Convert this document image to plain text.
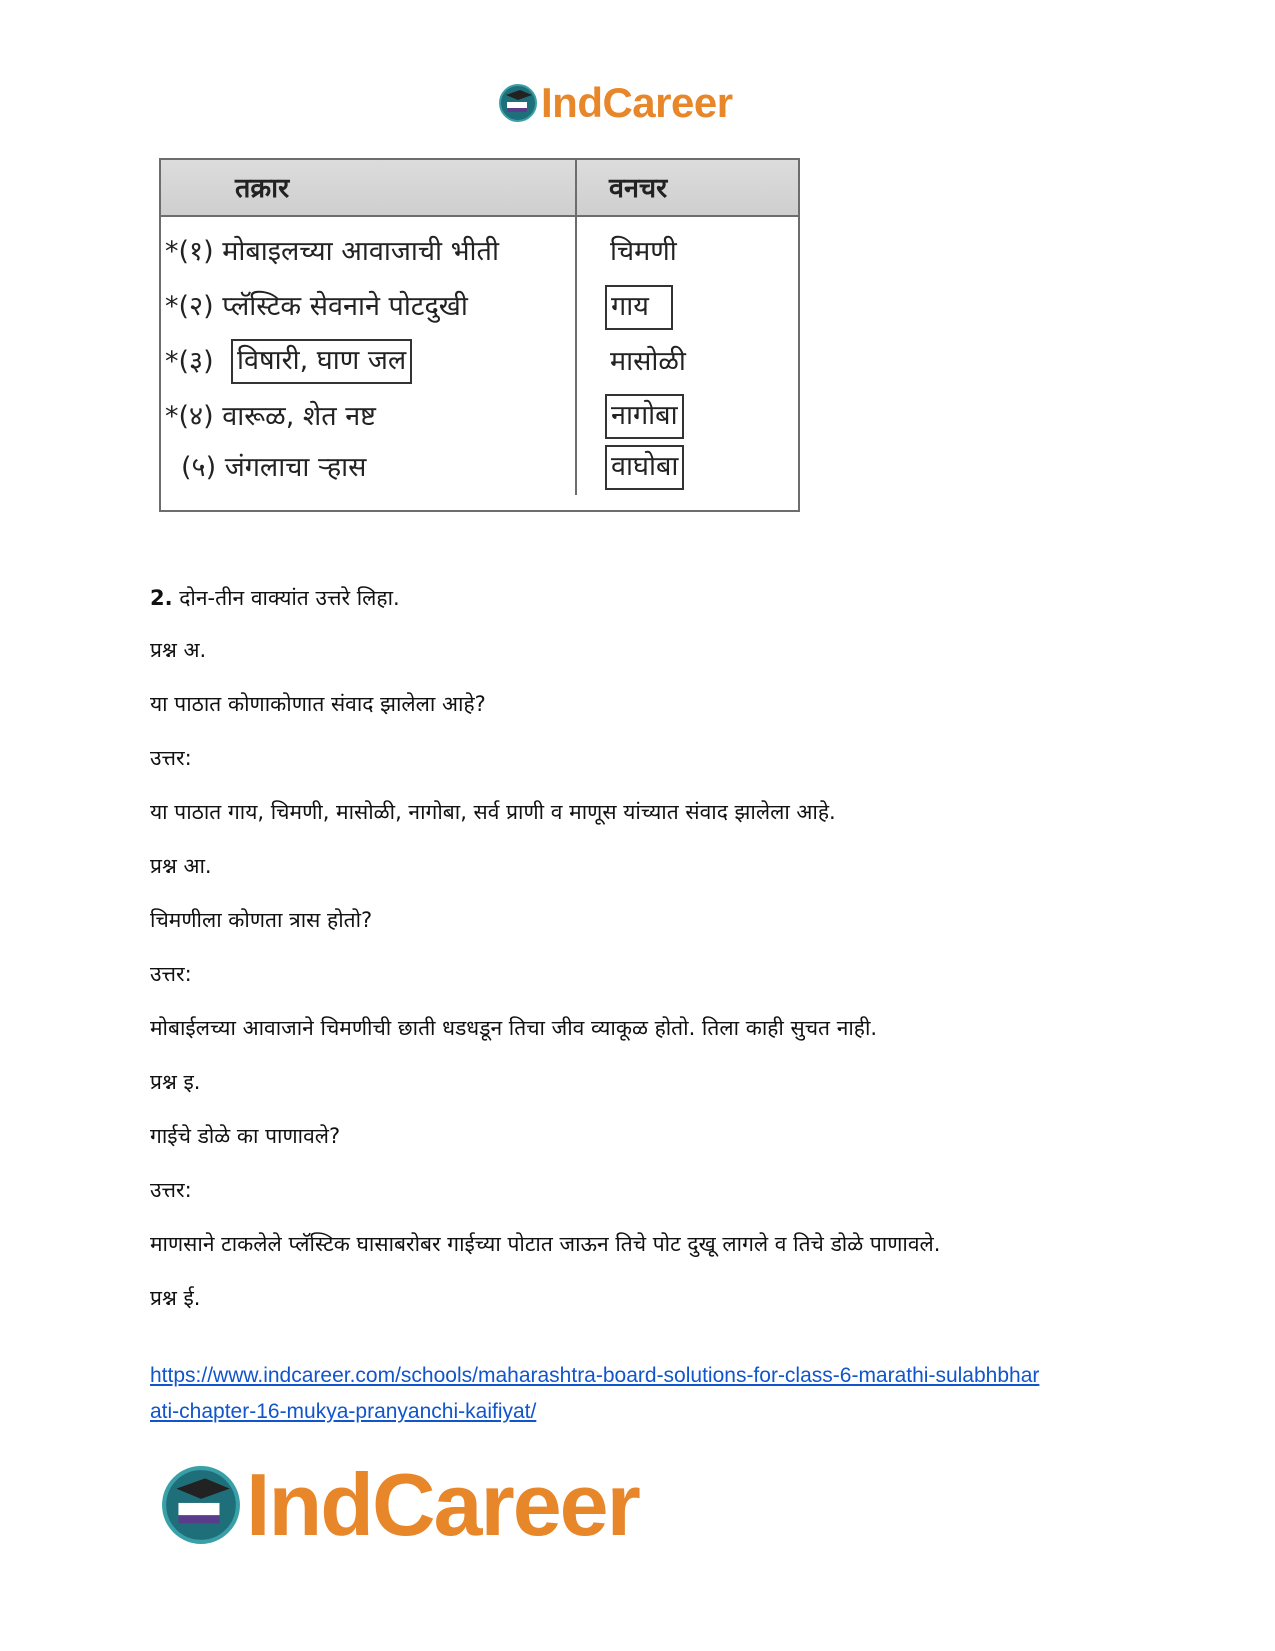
IndCareer
तक्रार	वनचर
*(१) मोबाइलच्या आवाजाची भीती	चिमणी
*(२) प्लॅस्टिक सेवनाने पोटदुखी	गाय
*(३) विषारी, घाण जल	मासोळी
*(४) वारूळ, शेत नष्ट	नागोबा
(५) जंगलाचा ऱ्हास	वाघोबा
2. दोन-तीन वाक्यांत उत्तरे लिहा.
प्रश्न अ.
या पाठात कोणाकोणात संवाद झालेला आहे?
उत्तर:
या पाठात गाय, चिमणी, मासोळी, नागोबा, सर्व प्राणी व माणूस यांच्यात संवाद झालेला आहे.
प्रश्न आ.
चिमणीला कोणता त्रास होतो?
उत्तर:
मोबाईलच्या आवाजाने चिमणीची छाती धडधडून तिचा जीव व्याकूळ होतो. तिला काही सुचत नाही.
प्रश्न इ.
गाईचे डोळे का पाणावले?
उत्तर:
माणसाने टाकलेले प्लॅस्टिक घासाबरोबर गाईच्या पोटात जाऊन तिचे पोट दुखू लागले व तिचे डोळे पाणावले.
प्रश्न ई.
https://www.indcareer.com/schools/maharashtra-board-solutions-for-class-6-marathi-sulabhbhar
ati-chapter-16-mukya-pranyanchi-kaifiyat/
IndCareer
